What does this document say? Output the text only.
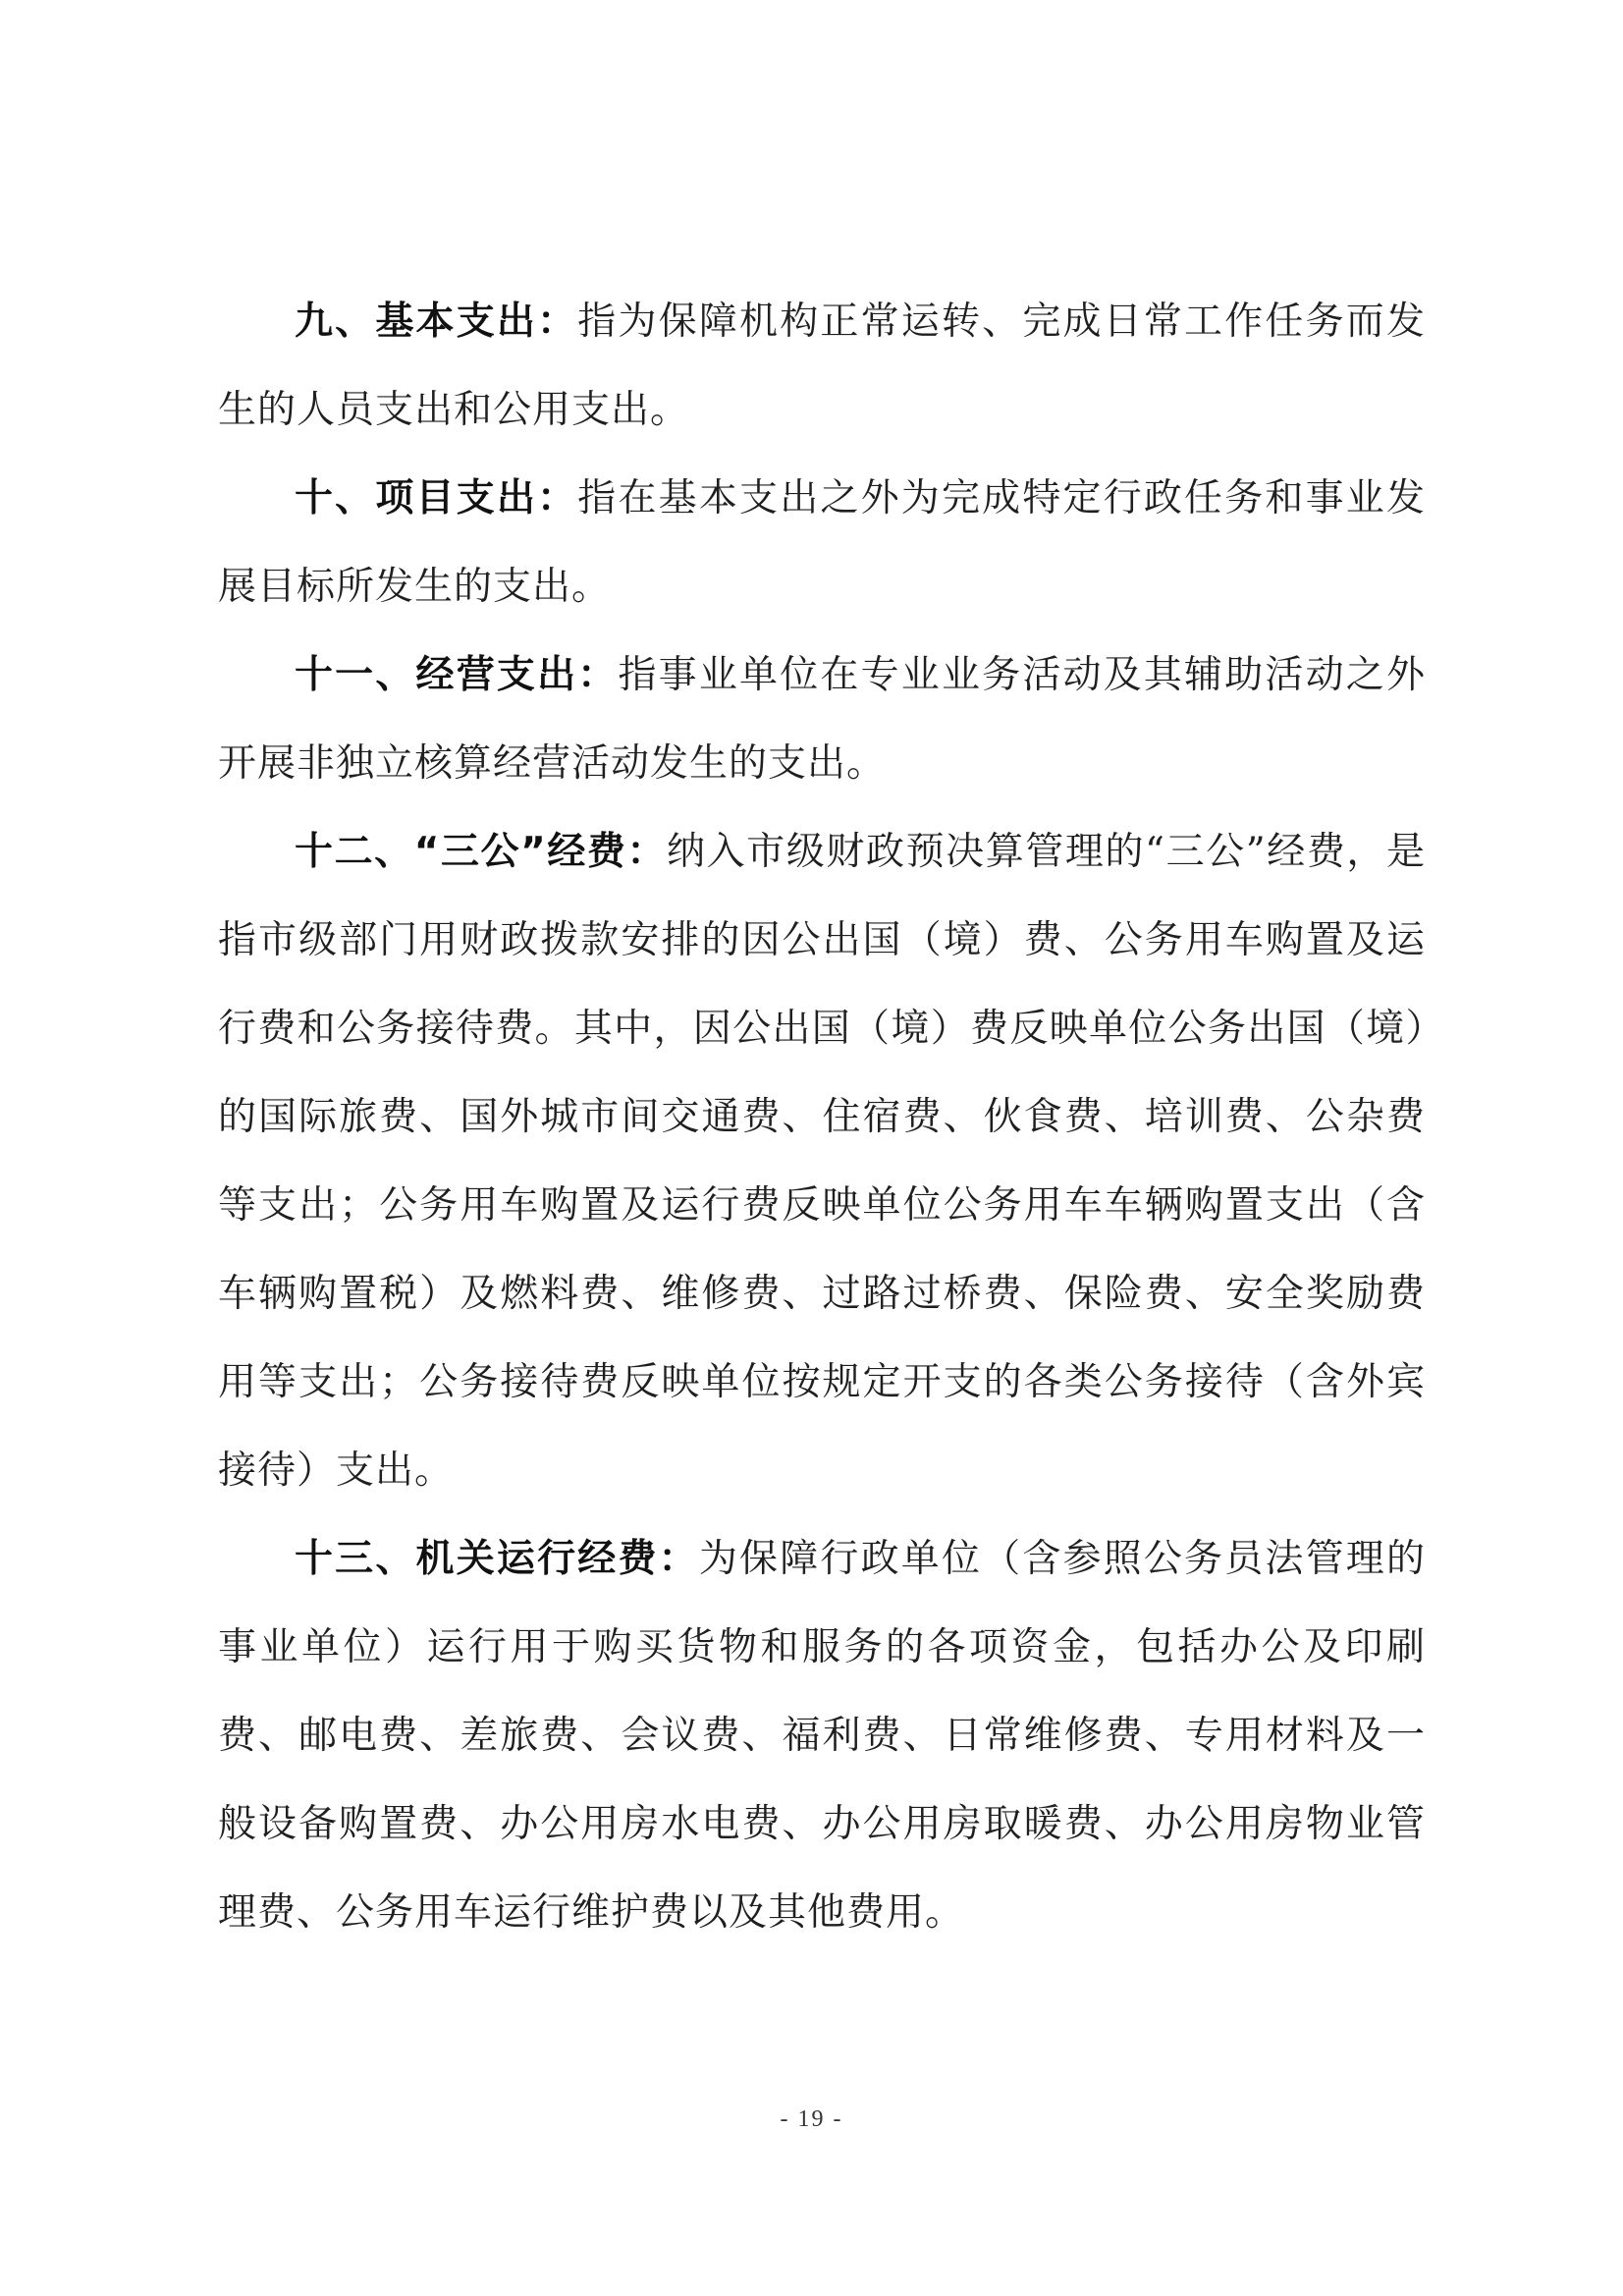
九、基本支出：指为保障机构正常运转、完成日常工作任务而发生的人员支出和公用支出。

十、项目支出：指在基本支出之外为完成特定行政任务和事业发展目标所发生的支出。

十一、经营支出：指事业单位在专业业务活动及其辅助活动之外开展非独立核算经营活动发生的支出。

十二、“三公”经费：纳入市级财政预决算管理的“三公”经费，是指市级部门用财政拨款安排的因公出国（境）费、公务用车购置及运行费和公务接待费。其中，因公出国（境）费反映单位公务出国（境）的国际旅费、国外城市间交通费、住宿费、伙食费、培训费、公杂费等支出；公务用车购置及运行费反映单位公务用车车辆购置支出（含车辆购置税）及燃料费、维修费、过路过桥费、保险费、安全奖励费用等支出；公务接待费反映单位按规定开支的各类公务接待（含外宾接待）支出。

十三、机关运行经费：为保障行政单位（含参照公务员法管理的事业单位）运行用于购买货物和服务的各项资金，包括办公及印刷费、邮电费、差旅费、会议费、福利费、日常维修费、专用材料及一般设备购置费、办公用房水电费、办公用房取暖费、办公用房物业管理费、公务用车运行维护费以及其他费用。

- 19 -
